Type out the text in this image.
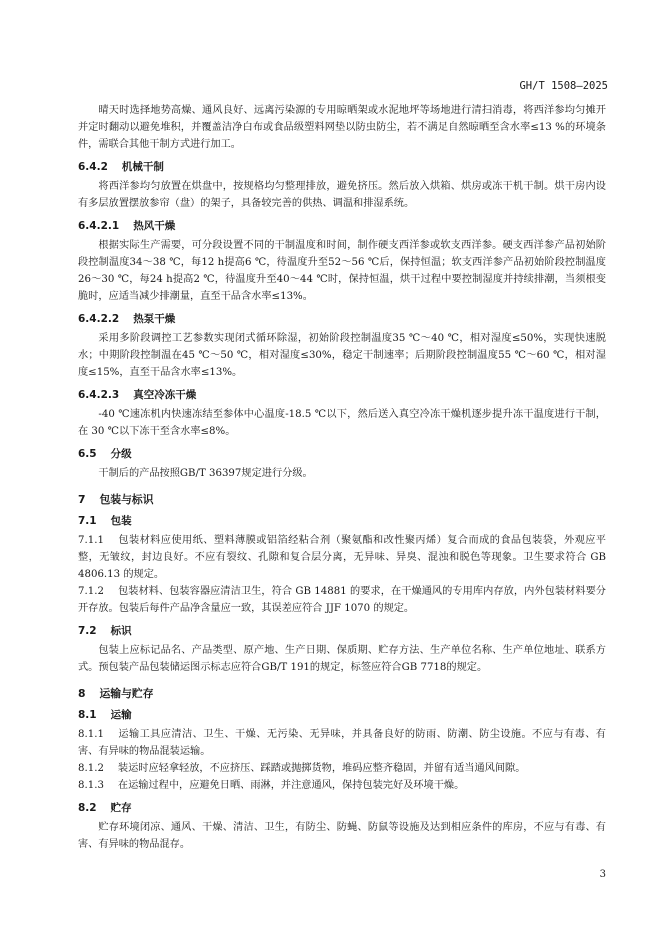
GH/T 1508—2025
晴天时选择地势高燥、通风良好、远离污染源的专用晾晒架或水泥地坪等场地进行清扫消毒，将西洋参均匀摊开并定时翻动以避免堆积，并覆盖洁净白布或食品级塑料网垫以防虫防尘，若不满足自然晾晒至含水率≤13 %的环境条件，需联合其他干制方式进行加工。
6.4.2 机械干制
将西洋参均匀放置在烘盘中，按规格均匀整理排放，避免挤压。然后放入烘箱、烘房或冻干机干制。烘干房内设有多层放置摆放参帘（盘）的架子，具备较完善的供热、调温和排湿系统。
6.4.2.1 热风干燥
根据实际生产需要，可分段设置不同的干制温度和时间，制作硬支西洋参或软支西洋参。硬支西洋参产品初始阶段控制温度34～38 ℃，每12 h提高6 ℃，待温度升至52～56 ℃后，保持恒温；软支西洋参产品初始阶段控制温度26～30 ℃，每24 h提高2 ℃，待温度升至40～44 ℃时，保持恒温，烘干过程中要控制湿度并持续排潮，当须根变脆时，应适当减少排潮量，直至干品含水率≤13%。
6.4.2.2 热泵干燥
采用多阶段调控工艺参数实现闭式循环除湿，初始阶段控制温度35 ℃～40 ℃，相对湿度≤50%，实现快速脱水；中期阶段控制温在45 ℃～50 ℃，相对湿度≤30%，稳定干制速率；后期阶段控制温度55 ℃～60 ℃，相对湿度≤15%，直至干品含水率≤13%。
6.4.2.3 真空冷冻干燥
-40 ℃速冻机内快速冻结至参体中心温度-18.5 ℃以下，然后送入真空冷冻干燥机逐步提升冻干温度进行干制，在 30 ℃以下冻干至含水率≤8%。
6.5 分级
干制后的产品按照GB/T 36397规定进行分级。
7 包装与标识
7.1 包装
7.1.1 包装材料应使用纸、塑料薄膜或铝箔经粘合剂（聚氨酯和改性聚丙烯）复合而成的食品包装袋，外观应平整，无皱纹，封边良好。不应有裂纹、孔隙和复合层分离，无异味、异臭、混浊和脱色等现象。卫生要求符合 GB 4806.13 的规定。
7.1.2 包装材料、包装容器应清洁卫生，符合 GB 14881 的要求，在干燥通风的专用库内存放，内外包装材料要分开存放。包装后每件产品净含量应一致，其误差应符合 JJF 1070 的规定。
7.2 标识
包装上应标记品名、产品类型、原产地、生产日期、保质期、贮存方法、生产单位名称、生产单位地址、联系方式。预包装产品包装储运图示标志应符合GB/T 191的规定，标签应符合GB 7718的规定。
8 运输与贮存
8.1 运输
8.1.1 运输工具应清洁、卫生、干燥、无污染、无异味，并具备良好的防雨、防潮、防尘设施。不应与有毒、有害、有异味的物品混装运输。
8.1.2 装运时应轻拿轻放，不应挤压、踩踏或抛掷货物，堆码应整齐稳固，并留有适当通风间隙。
8.1.3 在运输过程中，应避免日晒、雨淋，并注意通风，保持包装完好及环境干燥。
8.2 贮存
贮存环境闭凉、通风、干燥、清洁、卫生，有防尘、防蝇、防鼠等设施及达到相应条件的库房，不应与有毒、有害、有异味的物品混存。
3
